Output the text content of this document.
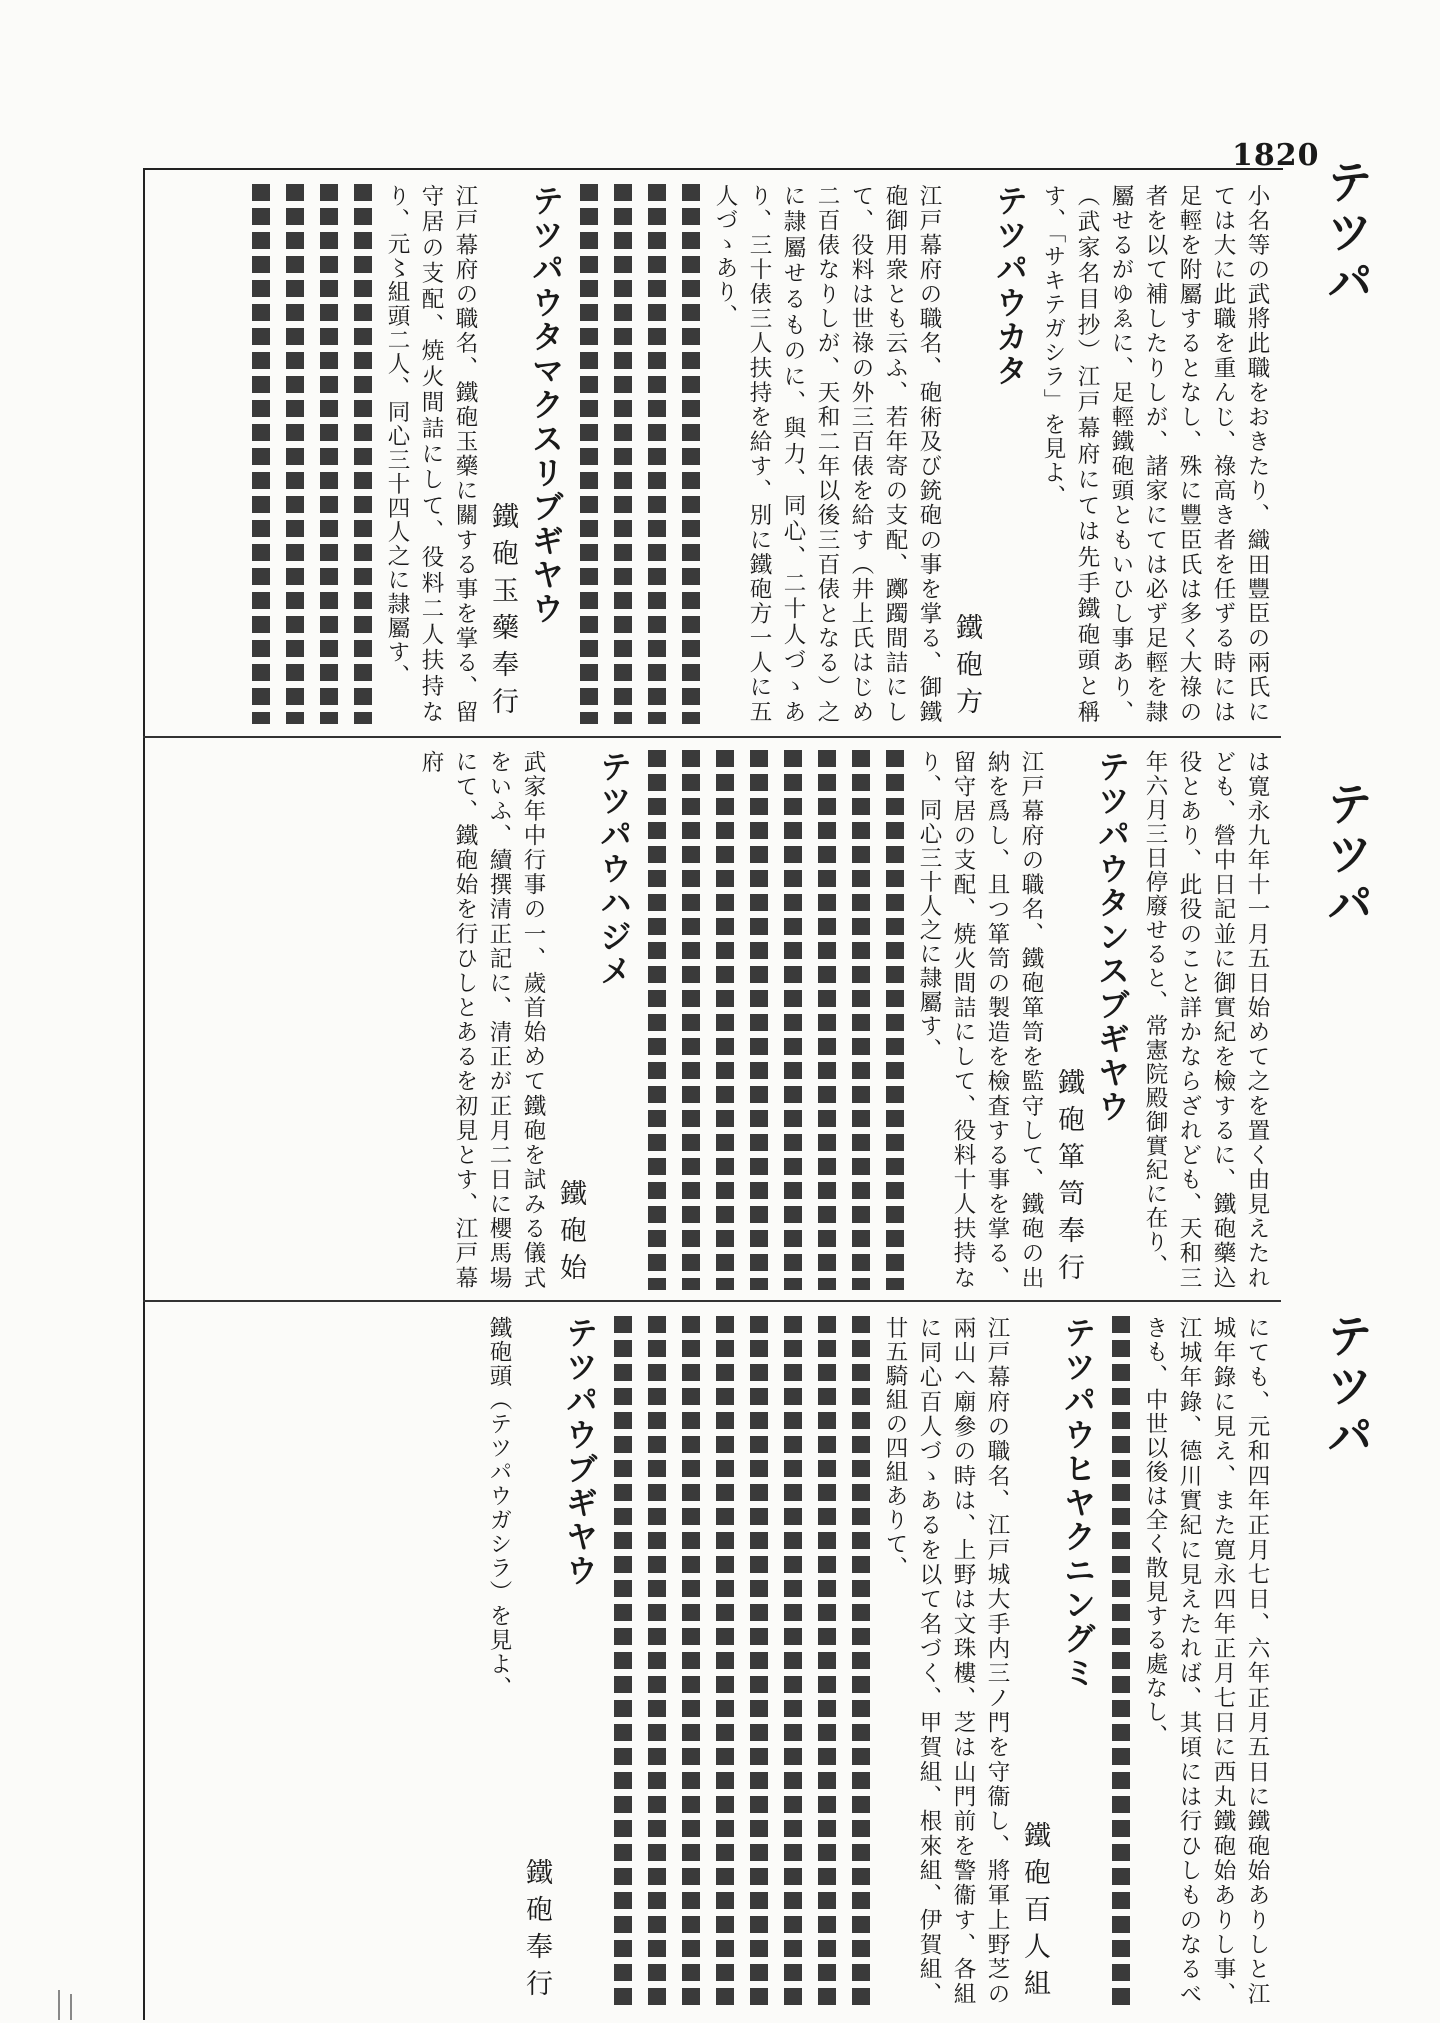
1820
テツパ
テツパ
テツパ
小名等の武將此職をおきたり、織田豐臣の兩氏にては大に此職を重んじ、祿高き者を任ずる時には足輕を附屬するとなし、殊に豐臣氏は多く大祿の者を以て補したりしが、諸家にては必ず足輕を隷屬せるがゆゑに、足輕鐵砲頭ともいひし事あり、（武家名目抄）江戸幕府にては先手鐵砲頭と稱す、「サキテガシラ」を見よ、
テツパウカタ
鐵砲方
江戸幕府の職名、砲術及び銃砲の事を掌る、御鐵砲御用衆とも云ふ、若年寄の支配、躑躅間詰にして、役料は世祿の外三百俵を給す（井上氏はじめ二百俵なりしが、天和二年以後三百俵となる）之に隷屬せるものに、與力、同心、二十人づゝあり、三十俵三人扶持を給す、別に鐵砲方一人に五人づゝあり、
テツパウタマクスリブギヤウ
鐵砲玉藥奉行
江戸幕府の職名、鐵砲玉藥に關する事を掌る、留守居の支配、焼火間詰にして、役料二人扶持なり、元〻組頭二人、同心三十四人之に隷屬す、
は寛永九年十一月五日始めて之を置く由見えたれども、營中日記並に御實紀を檢するに、鐵砲藥込役とあり、此役のこと詳かならざれども、天和三年六月三日停廢せると、常憲院殿御實紀に在り、
テツパウタンスブギヤウ
鐵砲箪笥奉行
江戸幕府の職名、鐵砲箪笥を監守して、鐵砲の出納を爲し、且つ箪笥の製造を檢査する事を掌る、留守居の支配、焼火間詰にして、役料十人扶持なり、同心三十人之に隷屬す、
テツパウハジメ
鐵砲始
武家年中行事の一、歲首始めて鐵砲を試みる儀式をいふ、續撰清正記に、清正が正月二日に櫻馬場にて、鐵砲始を行ひしとあるを初見とす、江戸幕府
にても、元和四年正月七日、六年正月五日に鐵砲始ありしと江城年錄に見え、また寛永四年正月七日に西丸鐵砲始ありし事、江城年錄、德川實紀に見えたれば、其頃には行ひしものなるべきも、中世以後は全く散見する處なし、
テツパウヒヤクニングミ
鐵砲百人組
江戸幕府の職名、江戸城大手内三ノ門を守衞し、將軍上野芝の兩山へ廟參の時は、上野は文珠樓、芝は山門前を警衞す、各組に同心百人づゝあるを以て名づく、甲賀組、根來組、伊賀組、廿五騎組の四組ありて、
テツパウブギヤウ
鐵砲奉行
鐵砲頭（テツパウガシラ）を見よ、
